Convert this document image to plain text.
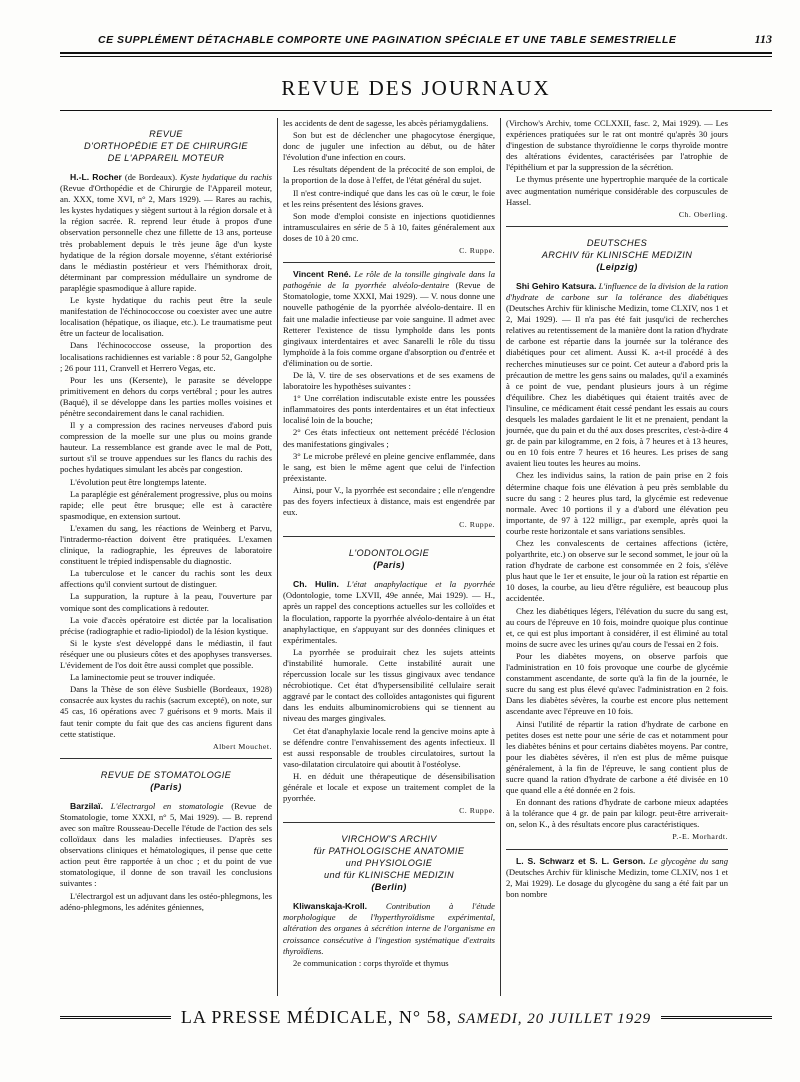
CE SUPPLÉMENT DÉTACHABLE COMPORTE UNE PAGINATION SPÉCIALE ET UNE TABLE SEMESTRIELLE	113
REVUE DES JOURNAUX
REVUE
D'ORTHOPÉDIE ET DE CHIRURGIE
DE L'APPAREIL MOTEUR

H.-L. Rocher (de Bordeaux). Kyste hydatique du rachis (Revue d'Orthopédie et de Chirurgie de l'Appareil moteur, an. XXX, tome XVI, n° 2, Mars 1929). — Rares au rachis, les kystes hydatiques y siègent surtout à la région dorsale et à la région sacrée. R. reprend leur étude à propos d'une observation personnelle chez une fillette de 13 ans, porteuse très probablement depuis le très jeune âge d'un kyste hydatique de la région dorsale moyenne, s'étant extériorisé dans le médiastin postérieur et vers l'hémithorax droit, déterminant par compression médullaire un syndrome de paraplégie spasmodique à allure rapide.

Le kyste hydatique du rachis peut être la seule manifestation de l'échinococcose ou coexister avec une autre localisation (hépatique, os iliaque, etc.). Le traumatisme peut être un facteur de localisation.

Dans l'échinococcose osseuse, la proportion des localisations rachidiennes est variable : 8 pour 52, Gangolphe ; 26 pour 111, Cranvell et Herrero Vegas, etc.

Pour les uns (Kersente), le parasite se développe primitivement en dehors du corps vertébral ; pour les autres (Baqué), il se développe dans les parties molles voisines et pénètre secondairement dans le canal rachidien.

Il y a compression des racines nerveuses d'abord puis compression de la moelle sur une plus ou moins grande hauteur. La ressemblance est grande avec le mal de Pott, surtout s'il se trouve appendues sur les flancs du rachis des poches hydatiques simulant les abcès par congestion.

L'évolution peut être longtemps latente.

La paraplégie est généralement progressive, plus ou moins rapide; elle peut être brusque; elle est à caractère spasmodique, en extension surtout.

L'examen du sang, les réactions de Weinberg et Parvu, l'intradermo-réaction doivent être pratiquées. L'examen clinique, la radiographie, les épreuves de laboratoire constituent le trépied indispensable du diagnostic.

La tuberculose et le cancer du rachis sont les deux affections qu'il convient surtout de distinguer.

La suppuration, la rupture à la peau, l'ouverture par vomique sont des complications à redouter.

La voie d'accès opératoire est dictée par la localisation précise (radiographie et radio-lipiodol) de la lésion kystique.

Si le kyste s'est développé dans le médiastin, il faut réséquer une ou plusieurs côtes et des apophyses transverses. L'évidement de l'os doit être aussi complet que possible.

La laminectomie peut se trouver indiquée.

Dans la Thèse de son élève Susbielle (Bordeaux, 1928) consacrée aux kystes du rachis (sacrum excepté), on note, sur 45 cas, 16 opérations avec 7 guérisons et 9 morts. Mais il faut tenir compte du fait que des cas anciens figurent dans cette statistique.

Albert Mouchet.

REVUE DE STOMATOLOGIE
(Paris)

Barzilaï. L'électrargol en stomatologie (Revue de Stomatologie, tome XXXI, n° 5, Mai 1929). — B. reprend avec son maître Rousseau-Decelle l'étude de l'action des sels colloïdaux dans les maladies infectieuses. D'après ses observations cliniques et hématologiques, il pense que cette action peut être rapportée à un choc ; et du point de vue stomatologique, il donne de son travail les conclusions suivantes :

L'électrargol est un adjuvant dans les ostéo-phlegmons, les adéno-phlegmons, les adénites géniennes,

les accidents de dent de sagesse, les abcès périamygdaliens.

Son but est de déclencher une phagocytose énergique, donc de juguler une infection au début, ou de hâter l'évolution d'une infection en cours.

Les résultats dépendent de la précocité de son emploi, de la proportion de la dose à l'effet, de l'état général du sujet.

Il n'est contre-indiqué que dans les cas où le cœur, le foie et les reins présentent des lésions graves.

Son mode d'emploi consiste en injections quotidiennes intramusculaires en série de 5 à 10, faites généralement aux doses de 10 à 20 cmc.

C. Ruppe.

Vincent René. Le rôle de la tonsille gingivale dans la pathogénie de la pyorrhée alvéolo-dentaire (Revue de Stomatologie, tome XXXI, Mai 1929). — V. nous donne une nouvelle pathogénie de la pyorrhée alvéolo-dentaire. Il en fait une maladie infectieuse par voie sanguine. Il admet avec Retterer l'existence de tissu lymphoïde dans les ponts gingivaux interdentaires et avec Sanarelli le rôle du tissu lymphoïde à la fois comme organe d'absorption ou d'entrée et d'élimination ou de sortie.

De là, V. tire de ses observations et de ses examens de laboratoire les hypothèses suivantes :

1° Une corrélation indiscutable existe entre les poussées inflammatoires des ponts interdentaires et un état infectieux localisé loin de la bouche;

2° Ces états infectieux ont nettement précédé l'éclosion des manifestations gingivales ;

3° Le microbe prélevé en pleine gencive enflammée, dans le sang, est bien le même agent que celui de l'infection préexistante.

Ainsi, pour V., la pyorrhée est secondaire ; elle n'engendre pas des foyers infectieux à distance, mais est engendrée par eux.

C. Ruppe.

L'ODONTOLOGIE
(Paris)

Ch. Hulin. L'état anaphylactique et la pyorrhée (Odontologie, tome LXVII, 49e année, Mai 1929). — H., après un rappel des conceptions actuelles sur les colloïdes et la floculation, rapporte la pyorrhée alvéolo-dentaire à un état anaphylactique, en s'appuyant sur des données cliniques et expérimentales.

La pyorrhée se produirait chez les sujets atteints d'instabilité humorale. Cette instabilité aurait une répercussion locale sur les tissus gingivaux avec tendance nécrobiotique. Cet état d'hypersensibilité cellulaire serait aggravé par le contact des colloïdes antagonistes qui figurent dans les enduits albuminomicrobiens qui se tiennent au niveau des marges gingivales.

Cet état d'anaphylaxie locale rend la gencive moins apte à se défendre contre l'envahissement des agents infectieux. Il est aussi responsable de troubles circulatoires, surtout la vaso-dilatation circulatoire qui aboutit à l'ostéolyse.

H. en déduit une thérapeutique de désensibilisation générale et locale et expose un traitement complet de la pyorrhée.

C. Ruppe.

VIRCHOW'S ARCHIV
für PATHOLOGISCHE ANATOMIE
und PHYSIOLOGIE
und für KLINISCHE MEDIZIN
(Berlin)

Kliwanskaja-Kroll. Contribution à l'étude morphologique de l'hyperthyroïdisme expérimental, altération des organes à sécrétion interne de l'organisme en croissance consécutive à l'ingestion systématique d'extraits thyroïdiens.

2e communication : corps thyroïde et thymus

(Virchow's Archiv, tome CCLXXII, fasc. 2, Mai 1929). — Les expériences pratiquées sur le rat ont montré qu'après 30 jours d'ingestion de substance thyroïdienne le corps thyroïde montre des altérations évidentes, caractérisées par l'atrophie de l'épithélium et par la suppression de la sécrétion.

Le thymus présente une hypertrophie marquée de la corticale avec augmentation numérique considérable des corpuscules de Hassel.

Ch. Oberling.

DEUTSCHES
ARCHIV für KLINISCHE MEDIZIN
(Leipzig)

Shi Gehiro Katsura. L'influence de la division de la ration d'hydrate de carbone sur la tolérance des diabétiques (Deutsches Archiv für klinische Medizin, tome CLXIV, nos 1 et 2, Mai 1929). — Il n'a pas été fait jusqu'ici de recherches relatives au retentissement de la manière dont la ration d'hydrate de carbone est répartie dans la journée sur la tolérance des diabétiques pour cet aliment. Aussi K. a-t-il procédé à des recherches minutieuses sur ce point. Cet auteur a d'abord pris la précaution de mettre les gens sains ou malades, qu'il a examinés à ce point de vue, pendant plusieurs jours à un régime d'équilibre. Chez les diabétiques qui étaient traités avec de l'insuline, ce médicament était cessé pendant les essais au cours desquels les malades gardaient le lit et ne prenaient, pendant la journée, que du pain et du thé aux doses prescrites, c'est-à-dire 4 gr. de pain par kilogramme, en 2 fois, à 7 heures et à 13 heures, ou en 10 fois entre 7 heures et 16 heures. Les prises de sang avaient lieu toutes les heures au moins.

Chez les individus sains, la ration de pain prise en 2 fois détermine chaque fois une élévation à peu près semblable du sucre du sang : 2 heures plus tard, la glycémie est redevenue normale. Avec 10 portions il y a d'abord une élévation peu importante, de 97 à 122 milligr., par exemple, après quoi la courbe reste horizontale et sans variations sensibles.

Chez les convalescents de certaines affections (ictère, polyarthrite, etc.) on observe sur le second sommet, le jour où la ration d'hydrate de carbone est consommée en 2 fois, s'élève plus haut que le 1er et ensuite, le jour où la ration est répartie en 10 doses, la courbe, au lieu d'être régulière, est beaucoup plus accidentée.

Chez les diabétiques légers, l'élévation du sucre du sang est, au cours de l'épreuve en 10 fois, moindre quoique plus continue et, ce qui est plus important à considérer, il est éliminé au total moins de sucre avec les urines qu'au cours de l'essai en 2 fois.

Pour les diabètes moyens, on observe parfois que l'administration en 10 fois provoque une courbe de glycémie constamment ascendante, de sorte qu'à la fin de la journée, le sucre du sang est plus élevé qu'avec l'administration en 2 fois. Dans les diabètes sévères, la courbe est encore plus nettement ascendante avec l'épreuve en 10 fois.

Ainsi l'utilité de répartir la ration d'hydrate de carbone en petites doses est nette pour une série de cas et notamment pour les diabètes bénins et pour certains diabètes moyens. Par contre, pour les diabètes sévères, il n'en est plus de même puisque généralement, à la fin de l'épreuve, le sang contient plus de sucre quand la ration d'hydrate de carbone a été divisée en 10 que quand elle a été donnée en 2 fois.

En donnant des rations d'hydrate de carbone mieux adaptées à la tolérance que 4 gr. de pain par kilogr. peut-être arriverait-on, selon K., à des résultats encore plus caractéristiques.

P.-E. Morhardt.

L. S. Schwarz et S. L. Gerson. Le glycogène du sang (Deutsches Archiv für klinische Medizin, tome CLXIV, nos 1 et 2, Mai 1929). Le dosage du glycogène du sang a été fait par un bon nombre

LA PRESSE MÉDICALE, N° 58, SAMEDI, 20 JUILLET 1929
